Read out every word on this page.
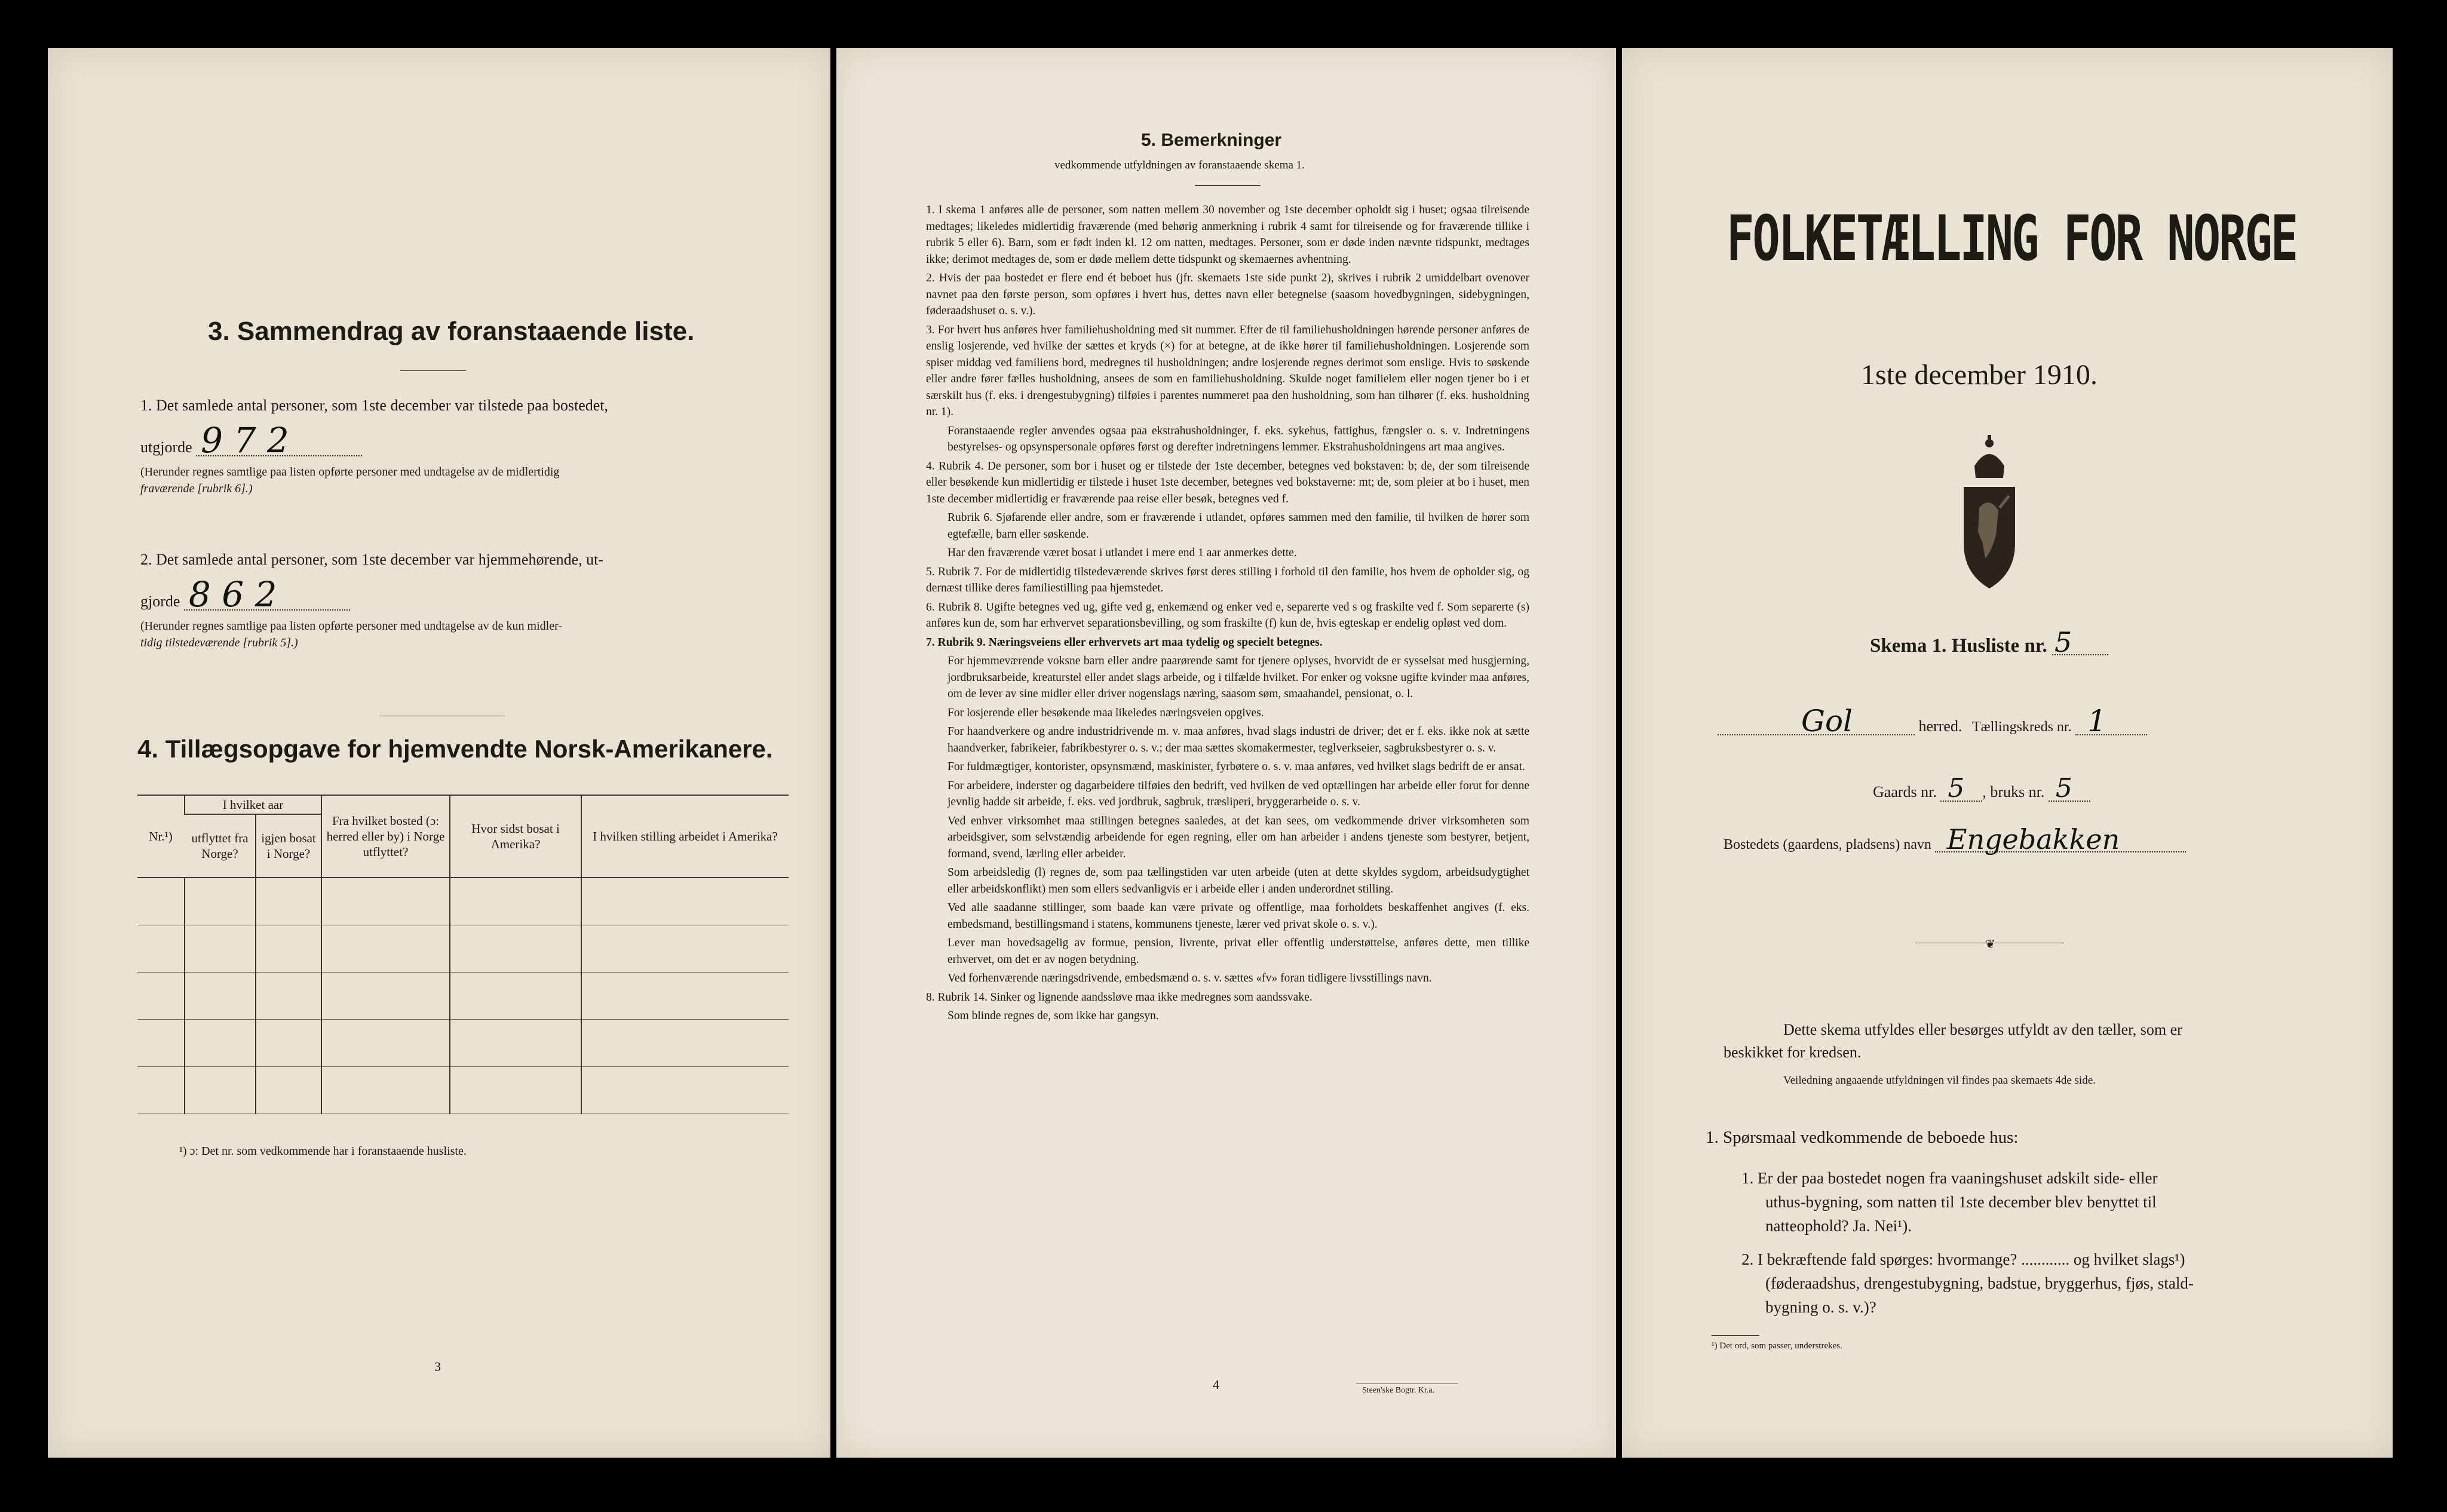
3. Sammendrag av foranstaaende liste.
1. Det samlede antal personer, som 1ste december var tilstede paa bostedet,
utgjorde 9 7 2
(Herunder regnes samtlige paa listen opførte personer med undtagelse av de midlertidig
fraværende [rubrik 6].)
2. Det samlede antal personer, som 1ste december var hjemmehørende, ut-
gjorde 8 6 2
(Herunder regnes samtlige paa listen opførte personer med undtagelse av de kun midler-
tidig tilstedeværende [rubrik 5].)
4. Tillægsopgave for hjemvendte Norsk-Amerikanere.
Nr.¹)	I hvilket aar		Fra hvilket bosted (ɔ: herred eller by) i Norge utflyttet?	Hvor sidst bosat i Amerika?	I hvilken stilling arbeidet i Amerika?
	utflyttet fra Norge?	igjen bosat i Norge?			

¹) ɔ: Det nr. som vedkommende har i foranstaaende husliste.
3
5. Bemerkninger
vedkommende utfyldningen av foranstaaende skema 1.

1. I skema 1 anføres alle de personer, som natten mellem 30 november og 1ste december opholdt sig i huset; ogsaa tilreisende medtages; likeledes midlertidig fraværende (med behørig anmerkning i rubrik 4 samt for tilreisende og for fraværende tillike i rubrik 5 eller 6). Barn, som er født inden kl. 12 om natten, medtages. Personer, som er døde inden nævnte tidspunkt, medtages ikke; derimot medtages de, som er døde mellem dette tidspunkt og skemaernes avhentning.

2. Hvis der paa bostedet er flere end ét beboet hus (jfr. skemaets 1ste side punkt 2), skrives i rubrik 2 umiddelbart ovenover navnet paa den første person, som opføres i hvert hus, dettes navn eller betegnelse (saasom hovedbygningen, sidebygningen, føderaadshuset o. s. v.).

3. For hvert hus anføres hver familiehusholdning med sit nummer. Efter de til familiehusholdningen hørende personer anføres de enslig losjerende, ved hvilke der sættes et kryds (×) for at betegne, at de ikke hører til familiehusholdningen. Losjerende som spiser middag ved familiens bord, medregnes til husholdningen; andre losjerende regnes derimot som enslige. Hvis to søskende eller andre fører fælles husholdning, ansees de som en familiehusholdning. Skulde noget familielem eller nogen tjener bo i et særskilt hus (f. eks. i drengestubygning) tilføies i parentes nummeret paa den husholdning, som han tilhører (f. eks. husholdning nr. 1).

Foranstaaende regler anvendes ogsaa paa ekstrahusholdninger, f. eks. sykehus, fattighus, fængsler o. s. v. Indretningens bestyrelses- og opsynspersonale opføres først og derefter indretningens lemmer. Ekstrahusholdningens art maa angives.

4. Rubrik 4. De personer, som bor i huset og er tilstede der 1ste december, betegnes ved bokstaven: b; de, der som tilreisende eller besøkende kun midlertidig er tilstede i huset 1ste december, betegnes ved bokstaverne: mt; de, som pleier at bo i huset, men 1ste december midlertidig er fraværende paa reise eller besøk, betegnes ved f.

Rubrik 6. Sjøfarende eller andre, som er fraværende i utlandet, opføres sammen med den familie, til hvilken de hører som egtefælle, barn eller søskende.

Har den fraværende været bosat i utlandet i mere end 1 aar anmerkes dette.

5. Rubrik 7. For de midlertidig tilstedeværende skrives først deres stilling i forhold til den familie, hos hvem de opholder sig, og dernæst tillike deres familiestilling paa hjemstedet.

6. Rubrik 8. Ugifte betegnes ved ug, gifte ved g, enkemænd og enker ved e, separerte ved s og fraskilte ved f. Som separerte (s) anføres kun de, som har erhvervet separationsbevilling, og som fraskilte (f) kun de, hvis egteskap er endelig opløst ved dom.

7. Rubrik 9. Næringsveiens eller erhvervets art maa tydelig og specielt betegnes.

For hjemmeværende voksne barn eller andre paarørende samt for tjenere oplyses, hvorvidt de er sysselsat med husgjerning, jordbruksarbeide, kreaturstel eller andet slags arbeide, og i tilfælde hvilket. For enker og voksne ugifte kvinder maa anføres, om de lever av sine midler eller driver nogenslags næring, saasom søm, smaahandel, pensionat, o. l.

For losjerende eller besøkende maa likeledes næringsveien opgives.

For haandverkere og andre industridrivende m. v. maa anføres, hvad slags industri de driver; det er f. eks. ikke nok at sætte haandverker, fabrikeier, fabrikbestyrer o. s. v.; der maa sættes skomakermester, teglverkseier, sagbruksbestyrer o. s. v.

For fuldmægtiger, kontorister, opsynsmænd, maskinister, fyrbøtere o. s. v. maa anføres, ved hvilket slags bedrift de er ansat.

For arbeidere, inderster og dagarbeidere tilføies den bedrift, ved hvilken de ved optællingen har arbeide eller forut for denne jevnlig hadde sit arbeide, f. eks. ved jordbruk, sagbruk, træsliperi, bryggerarbeide o. s. v.

Ved enhver virksomhet maa stillingen betegnes saaledes, at det kan sees, om vedkommende driver virksomheten som arbeidsgiver, som selvstændig arbeidende for egen regning, eller om han arbeider i andens tjeneste som bestyrer, betjent, formand, svend, lærling eller arbeider.

Som arbeidsledig (l) regnes de, som paa tællingstiden var uten arbeide (uten at dette skyldes sygdom, arbeidsudygtighet eller arbeidskonflikt) men som ellers sedvanligvis er i arbeide eller i anden underordnet stilling.

Ved alle saadanne stillinger, som baade kan være private og offentlige, maa forholdets beskaffenhet angives (f. eks. embedsmand, bestillingsmand i statens, kommunens tjeneste, lærer ved privat skole o. s. v.).

Lever man hovedsagelig av formue, pension, livrente, privat eller offentlig understøttelse, anføres dette, men tillike erhvervet, om det er av nogen betydning.

Ved forhenværende næringsdrivende, embedsmænd o. s. v. sættes «fv» foran tidligere livsstillings navn.

8. Rubrik 14. Sinker og lignende aandssløve maa ikke medregnes som aandssvake.

Som blinde regnes de, som ikke har gangsyn.

4	Steen'ske Bogtr. Kr.a.
FOLKETÆLLING FOR NORGE
1ste december 1910.
Skema 1. Husliste nr. 5
Gol	herred. Tællingskreds nr. 1
Gaards nr. 5 , bruks nr. 5
Bostedets (gaardens, pladsens) navn Engebakken
❦
Dette skema utfyldes eller besørges utfyldt av den tæller, som er
beskikket for kredsen.
Veiledning angaaende utfyldningen vil findes paa skemaets 4de side.
1. Spørsmaal vedkommende de beboede hus:
1. Er der paa bostedet nogen fra vaaningshuset adskilt side- eller
uthus-bygning, som natten til 1ste december blev benyttet til
natteophold? Ja. Nei¹).
2. I bekræftende fald spørges: hvormange? ............ og hvilket slags¹)
(føderaadshus, drengestubygning, badstue, bryggerhus, fjøs, stald-
bygning o. s. v.)?
¹) Det ord, som passer, understrekes.
